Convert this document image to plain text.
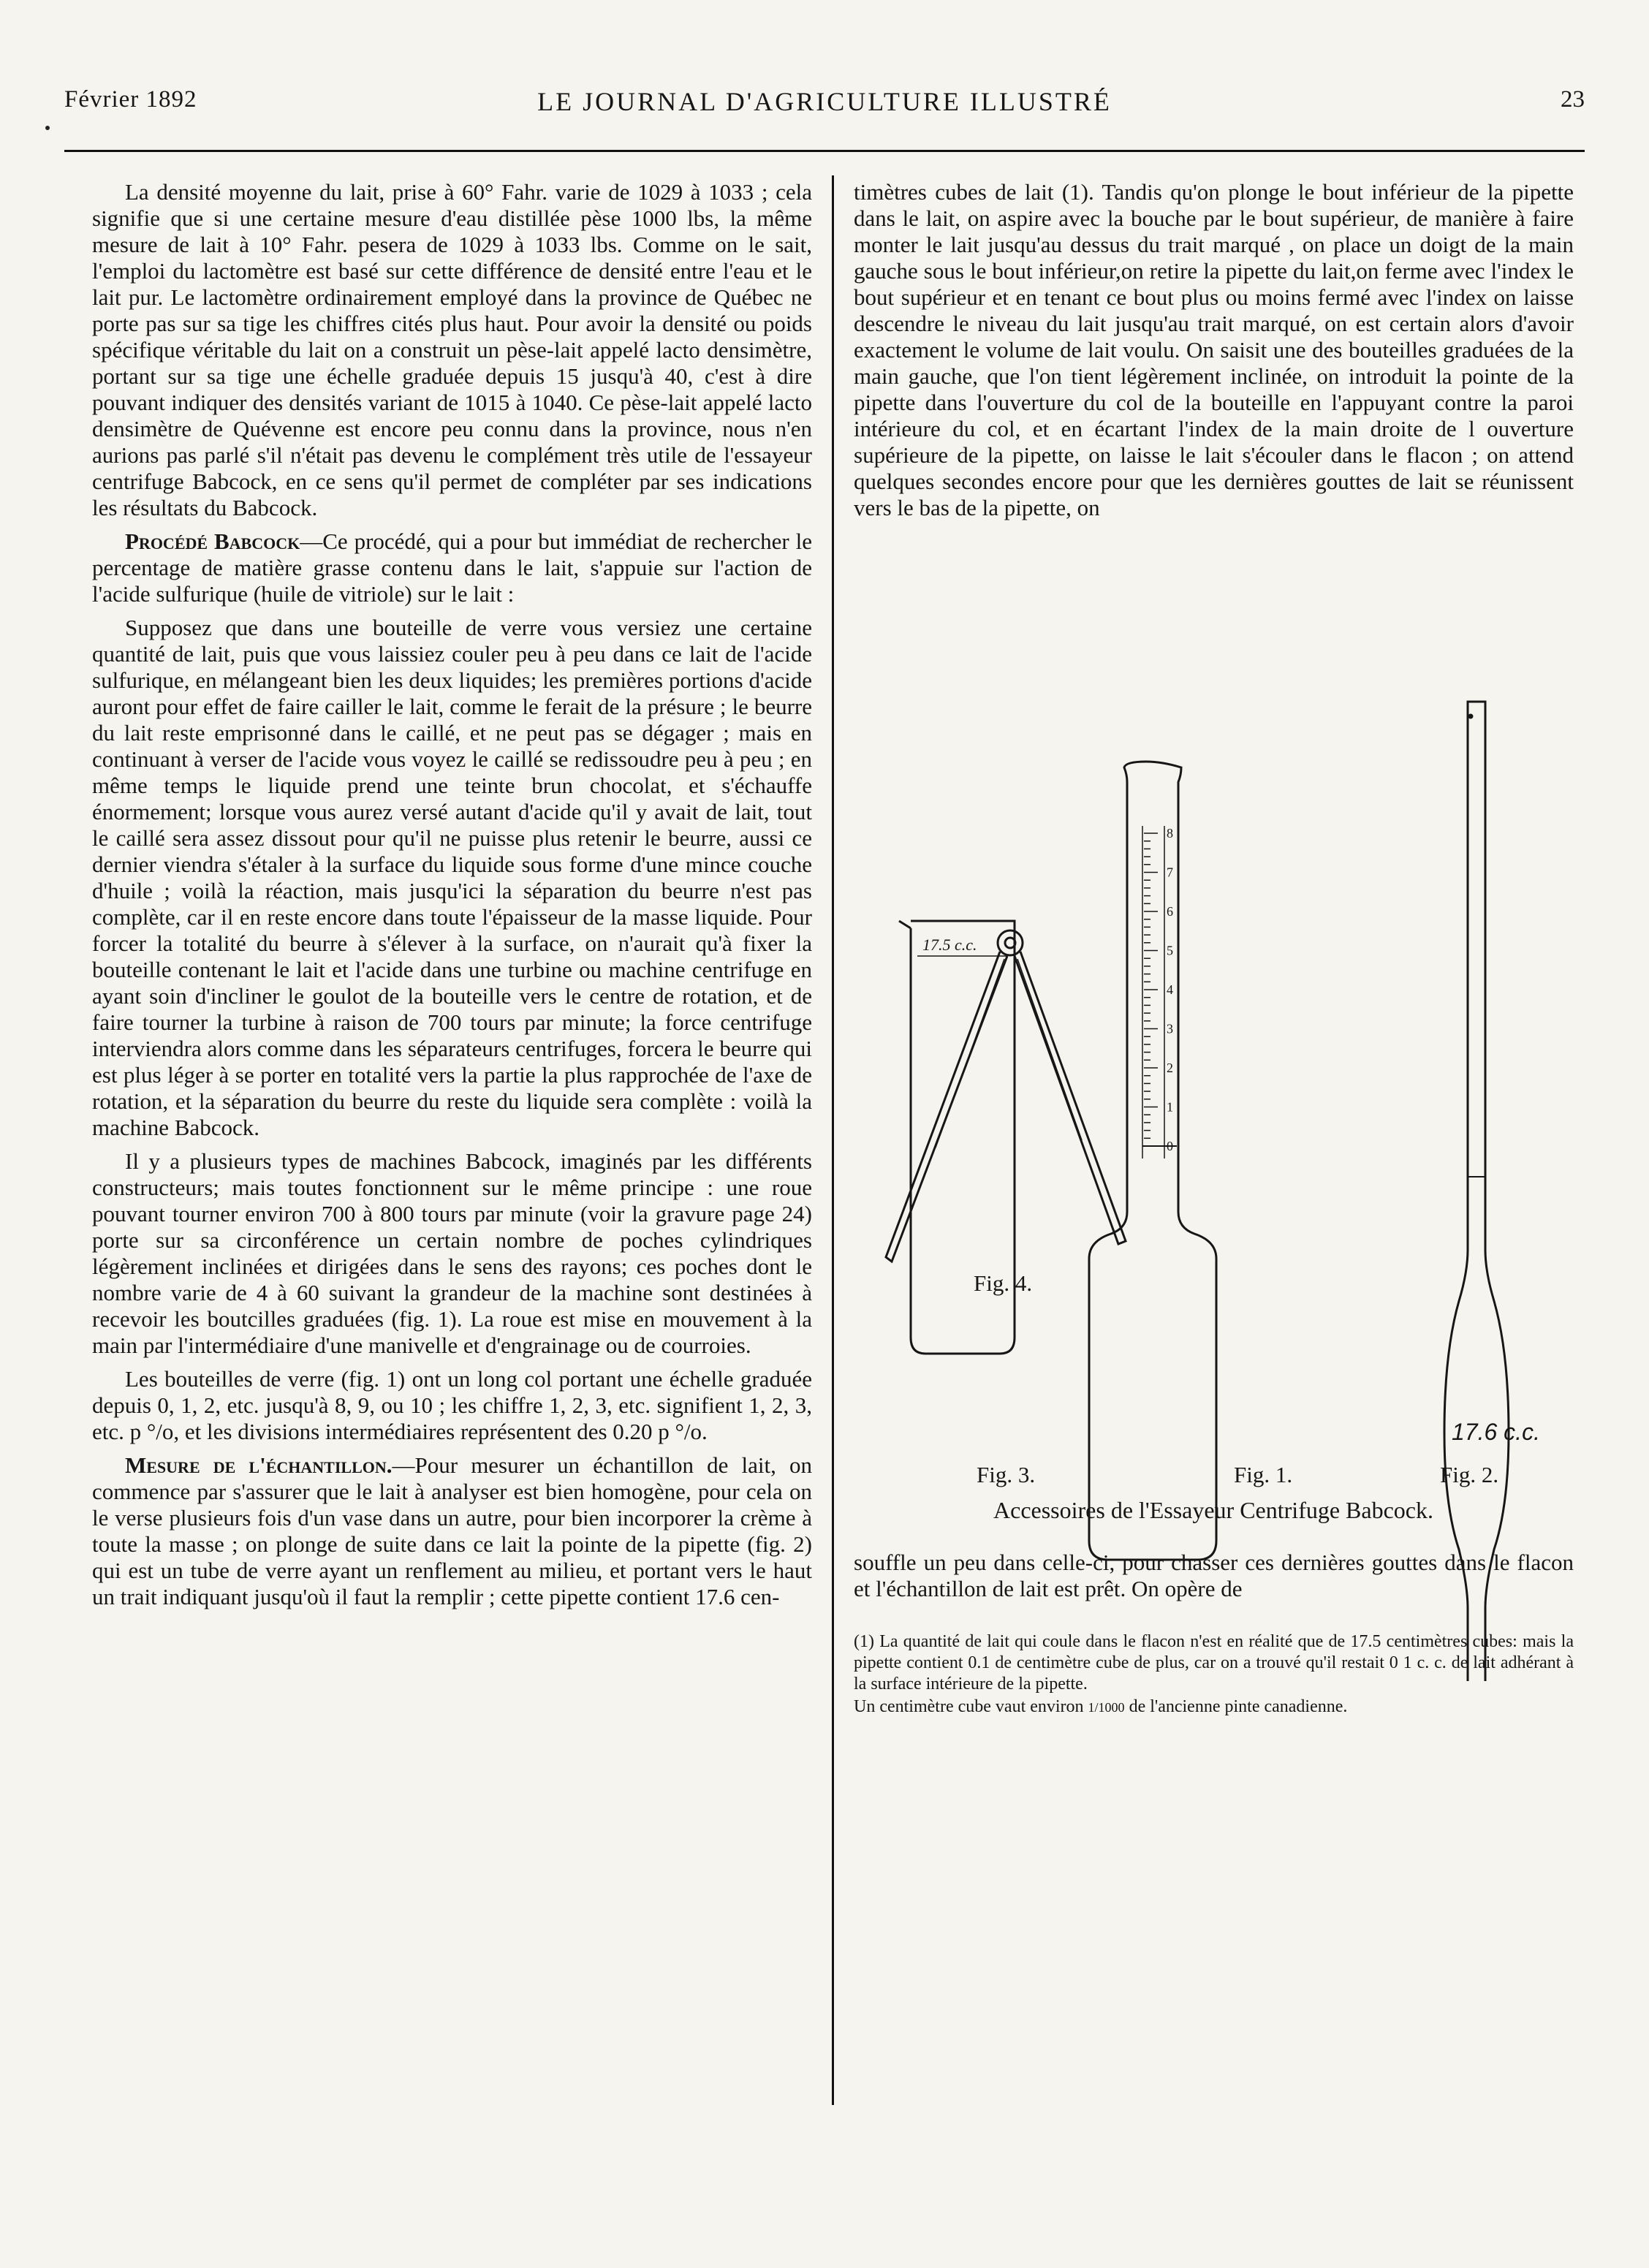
Février 1892	LE JOURNAL D'AGRICULTURE ILLUSTRÉ	23

La densité moyenne du lait, prise à 60° Fahr. varie de 1029 à 1033 ; cela signifie que si une certaine mesure d'eau distillée pèse 1000 lbs, la même mesure de lait à 10° Fahr. pesera de 1029 à 1033 lbs. Comme on le sait, l'emploi du lactomètre est basé sur cette différence de densité entre l'eau et le lait pur. Le lactomètre ordinairement employé dans la province de Québec ne porte pas sur sa tige les chiffres cités plus haut. Pour avoir la densité ou poids spécifique véritable du lait on a construit un pèse-lait appelé lacto densimètre, portant sur sa tige une échelle graduée depuis 15 jusqu'à 40, c'est à dire pouvant indiquer des densités variant de 1015 à 1040. Ce pèse-lait appelé lacto densimètre de Quévenne est encore peu connu dans la province, nous n'en aurions pas parlé s'il n'était pas devenu le complément très utile de l'essayeur centrifuge Babcock, en ce sens qu'il permet de compléter par ses indications les résultats du Babcock.

Procédé Babcock—Ce procédé, qui a pour but immédiat de rechercher le percentage de matière grasse contenu dans le lait, s'appuie sur l'action de l'acide sulfurique (huile de vitriole) sur le lait :

Supposez que dans une bouteille de verre vous versiez une certaine quantité de lait, puis que vous laissiez couler peu à peu dans ce lait de l'acide sulfurique, en mélangeant bien les deux liquides; les premières portions d'acide auront pour effet de faire cailler le lait, comme le ferait de la présure ; le beurre du lait reste emprisonné dans le caillé, et ne peut pas se dégager ; mais en continuant à verser de l'acide vous voyez le caillé se redissoudre peu à peu ; en même temps le liquide prend une teinte brun chocolat, et s'échauffe énormement; lorsque vous aurez versé autant d'acide qu'il y avait de lait, tout le caillé sera assez dissout pour qu'il ne puisse plus retenir le beurre, aussi ce dernier viendra s'étaler à la surface du liquide sous forme d'une mince couche d'huile ; voilà la réaction, mais jusqu'ici la séparation du beurre n'est pas complète, car il en reste encore dans toute l'épaisseur de la masse liquide. Pour forcer la totalité du beurre à s'élever à la surface, on n'aurait qu'à fixer la bouteille contenant le lait et l'acide dans une turbine ou machine centrifuge en ayant soin d'incliner le goulot de la bouteille vers le centre de rotation, et de faire tourner la turbine à raison de 700 tours par minute; la force centrifuge interviendra alors comme dans les séparateurs centrifuges, forcera le beurre qui est plus léger à se porter en totalité vers la partie la plus rapprochée de l'axe de rotation, et la séparation du beurre du reste du liquide sera complète : voilà la machine Babcock.

Il y a plusieurs types de machines Babcock, imaginés par les différents constructeurs; mais toutes fonctionnent sur le même principe : une roue pouvant tourner environ 700 à 800 tours par minute (voir la gravure page 24) porte sur sa circonférence un certain nombre de poches cylindriques légèrement inclinées et dirigées dans le sens des rayons; ces poches dont le nombre varie de 4 à 60 suivant la grandeur de la machine sont destinées à recevoir les boutcilles graduées (fig. 1). La roue est mise en mouvement à la main par l'intermédiaire d'une manivelle et d'engrainage ou de courroies.

Les bouteilles de verre (fig. 1) ont un long col portant une échelle graduée depuis 0, 1, 2, etc. jusqu'à 8, 9, ou 10 ; les chiffre 1, 2, 3, etc. signifient 1, 2, 3, etc. p °/o, et les divisions intermédiaires représentent des 0.20 p °/o.

Mesure de l'échantillon.—Pour mesurer un échantillon de lait, on commence par s'assurer que le lait à analyser est bien homogène, pour cela on le verse plusieurs fois d'un vase dans un autre, pour bien incorporer la crème à toute la masse ; on plonge de suite dans ce lait la pointe de la pipette (fig. 2) qui est un tube de verre ayant un renflement au milieu, et portant vers le haut un trait indiquant jusqu'où il faut la remplir ; cette pipette contient 17.6 cen-

timètres cubes de lait (1). Tandis qu'on plonge le bout inférieur de la pipette dans le lait, on aspire avec la bouche par le bout supérieur, de manière à faire monter le lait jusqu'au dessus du trait marqué , on place un doigt de la main gauche sous le bout inférieur,on retire la pipette du lait,on ferme avec l'index le bout supérieur et en tenant ce bout plus ou moins fermé avec l'index on laisse descendre le niveau du lait jusqu'au trait marqué, on est certain alors d'avoir exactement le volume de lait voulu. On saisit une des bouteilles graduées de la main gauche, que l'on tient légèrement inclinée, on introduit la pointe de la pipette dans l'ouverture du col de la bouteille en l'appuyant contre la paroi intérieure du col, et en écartant l'index de la main droite de l ouverture supérieure de la pipette, on laisse le lait s'écouler dans le flacon ; on attend quelques secondes encore pour que les dernières gouttes de lait se réunissent vers le bas de la pipette, on

8
7
6
5
4
3
2
1
0
17.5 c.c.
17.6 c.c.
Fig. 4.
Fig. 3.	Fig. 1.	Fig. 2.
Accessoires de l'Essayeur Centrifuge Babcock.

souffle un peu dans celle-ci, pour chasser ces dernières gouttes dans le flacon et l'échantillon de lait est prêt. On opère de

(1) La quantité de lait qui coule dans le flacon n'est en réalité que de 17.5 centimètres cubes: mais la pipette contient 0.1 de centimètre cube de plus, car on a trouvé qu'il restait 0 1 c. c. de lait adhérant à la surface intérieure de la pipette.

Un centimètre cube vaut environ 1/1000 de l'ancienne pinte canadienne.
